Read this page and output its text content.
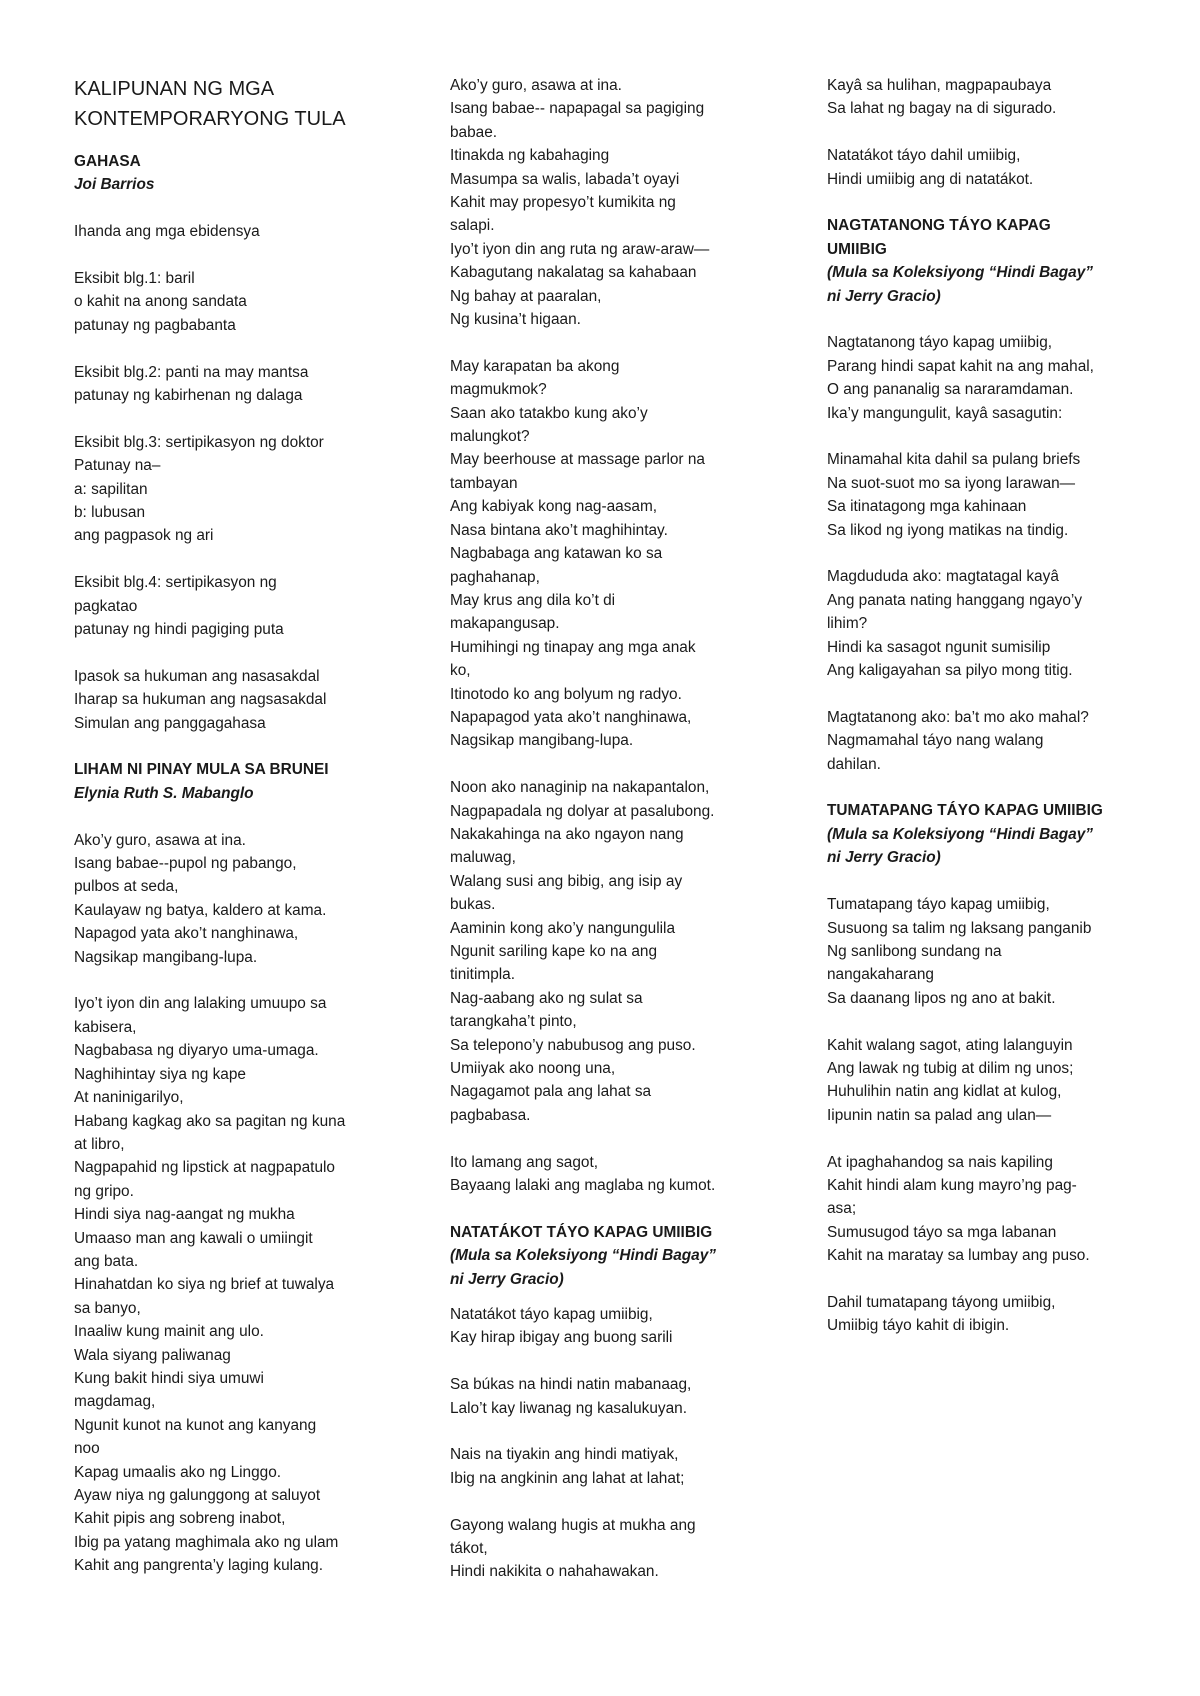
KALIPUNAN NG MGA
KONTEMPORARYONG TULA
GAHASA
Joi Barrios
Ihanda ang mga ebidensya
Eksibit blg.1: baril
o kahit na anong sandata
patunay ng pagbabanta
Eksibit blg.2: panti na may mantsa
patunay ng kabirhenan ng dalaga
Eksibit blg.3: sertipikasyon ng doktor
Patunay na–
a: sapilitan
b: lubusan
ang pagpasok ng ari
Eksibit blg.4: sertipikasyon ng
pagkatao
patunay ng hindi pagiging puta
Ipasok sa hukuman ang nasasakdal
Iharap sa hukuman ang nagsasakdal
Simulan ang panggagahasa
LIHAM NI PINAY MULA SA BRUNEI
Elynia Ruth S. Mabanglo
Ako’y guro, asawa at ina.
Isang babae--pupol ng pabango,
pulbos at seda,
Kaulayaw ng batya, kaldero at kama.
Napagod yata ako’t nanghinawa,
Nagsikap mangibang-lupa.
Iyo’t iyon din ang lalaking umuupo sa
kabisera,
Nagbabasa ng diyaryo uma-umaga.
Naghihintay siya ng kape
At naninigarilyo,
Habang kagkag ako sa pagitan ng kuna
at libro,
Nagpapahid ng lipstick at nagpapatulo
ng gripo.
Hindi siya nag-aangat ng mukha
Umaaso man ang kawali o umiingit
ang bata.
Hinahatdan ko siya ng brief at tuwalya
sa banyo,
Inaaliw kung mainit ang ulo.
Wala siyang paliwanag
Kung bakit hindi siya umuwi
magdamag,
Ngunit kunot na kunot ang kanyang
noo
Kapag umaalis ako ng Linggo.
Ayaw niya ng galunggong at saluyot
Kahit pipis ang sobreng inabot,
Ibig pa yatang maghimala ako ng ulam
Kahit ang pangrenta’y laging kulang.
Ako’y guro, asawa at ina.
Isang babae-- napapagal sa pagiging
babae.
Itinakda ng kabahaging
Masumpa sa walis, labada’t oyayi
Kahit may propesyo’t kumikita ng
salapi.
Iyo’t iyon din ang ruta ng araw-araw—
Kabagutang nakalatag sa kahabaan
Ng bahay at paaralan,
Ng kusina’t higaan.
May karapatan ba akong
magmukmok?
Saan ako tatakbo kung ako’y
malungkot?
May beerhouse at massage parlor na
tambayan
Ang kabiyak kong nag-aasam,
Nasa bintana ako’t maghihintay.
Nagbabaga ang katawan ko sa
paghahanap,
May krus ang dila ko’t di
makapangusap.
Humihingi ng tinapay ang mga anak
ko,
Itinotodo ko ang bolyum ng radyo.
Napapagod yata ako’t nanghinawa,
Nagsikap mangibang-lupa.
Noon ako nanaginip na nakapantalon,
Nagpapadala ng dolyar at pasalubong.
Nakakahinga na ako ngayon nang
maluwag,
Walang susi ang bibig, ang isip ay
bukas.
Aaminin kong ako’y nangungulila
Ngunit sariling kape ko na ang
tinitimpla.
Nag-aabang ako ng sulat sa
tarangkaha’t pinto,
Sa telepono’y nabubusog ang puso.
Umiiyak ako noong una,
Nagagamot pala ang lahat sa
pagbabasa.
Ito lamang ang sagot,
Bayaang lalaki ang maglaba ng kumot.
NATATÁKOT TÁYO KAPAG UMIIBIG
(Mula sa Koleksiyong “Hindi Bagay”
ni Jerry Gracio)
Natatákot táyo kapag umiibig,
Kay hirap ibigay ang buong sarili
Sa búkas na hindi natin mabanaag,
Lalo’t kay liwanag ng kasalukuyan.
Nais na tiyakin ang hindi matiyak,
Ibig na angkinin ang lahat at lahat;
Gayong walang hugis at mukha ang
tákot,
Hindi nakikita o nahahawakan.
Kayâ sa hulihan, magpapaubaya
Sa lahat ng bagay na di sigurado.
Natatákot táyo dahil umiibig,
Hindi umiibig ang di natatákot.
NAGTATANONG TÁYO KAPAG
UMIIBIG
(Mula sa Koleksiyong “Hindi Bagay”
ni Jerry Gracio)
Nagtatanong táyo kapag umiibig,
Parang hindi sapat kahit na ang mahal,
O ang pananalig sa nararamdaman.
Ika’y mangungulit, kayâ sasagutin:
Minamahal kita dahil sa pulang briefs
Na suot-suot mo sa iyong larawan—
Sa itinatagong mga kahinaan
Sa likod ng iyong matikas na tindig.
Magdududa ako: magtatagal kayâ
Ang panata nating hanggang ngayo’y
lihim?
Hindi ka sasagot ngunit sumisilip
Ang kaligayahan sa pilyo mong titig.
Magtatanong ako: ba’t mo ako mahal?
Nagmamahal táyo nang walang
dahilan.
TUMATAPANG TÁYO KAPAG UMIIBIG
(Mula sa Koleksiyong “Hindi Bagay”
ni Jerry Gracio)
Tumatapang táyo kapag umiibig,
Susuong sa talim ng laksang panganib
Ng sanlibong sundang na
nangakaharang
Sa daanang lipos ng ano at bakit.
Kahit walang sagot, ating lalanguyin
Ang lawak ng tubig at dilim ng unos;
Huhulihin natin ang kidlat at kulog,
Iipunin natin sa palad ang ulan—
At ipaghahandog sa nais kapiling
Kahit hindi alam kung mayro’ng pag-
asa;
Sumusugod táyo sa mga labanan
Kahit na maratay sa lumbay ang puso.
Dahil tumatapang táyong umiibig,
Umiibig táyo kahit di ibigin.
